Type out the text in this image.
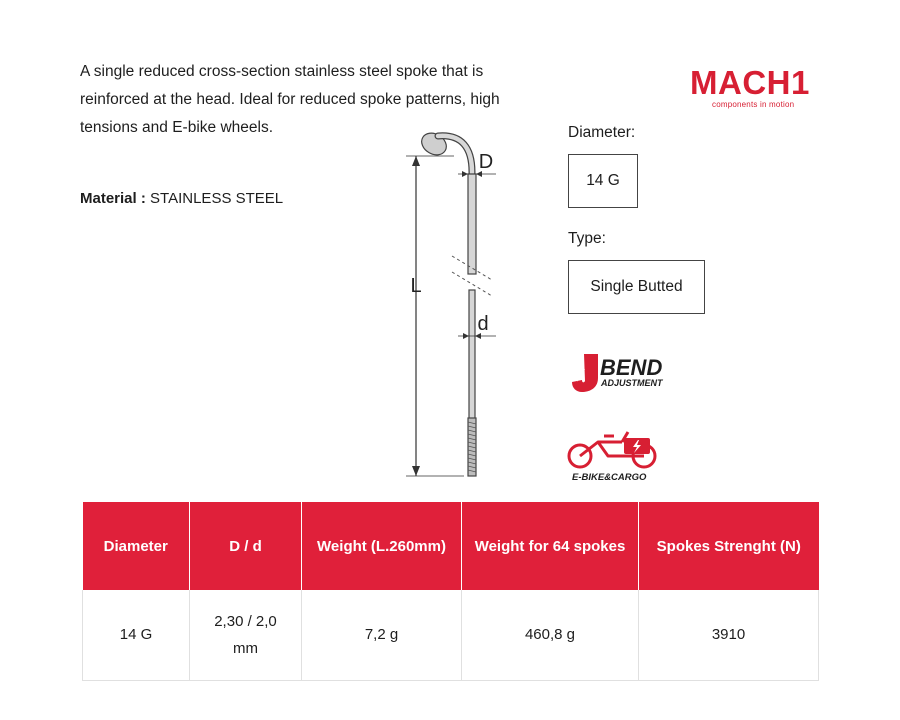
A single reduced cross-section stainless steel spoke that is reinforced at the head. Ideal for reduced spoke patterns, high tensions and E-bike wheels.

Material : STAINLESS STEEL
MACH1
components in motion
L
D
d
Diameter:
14 G
Type:
Single Butted
BEND
ADJUSTMENT
E-BIKE&CARGO
Diameter	D / d	Weight (L.260mm)	Weight for 64 spokes	Spokes Strenght (N)
14 G	2,30 / 2,0 mm	7,2 g	460,8 g	3910
